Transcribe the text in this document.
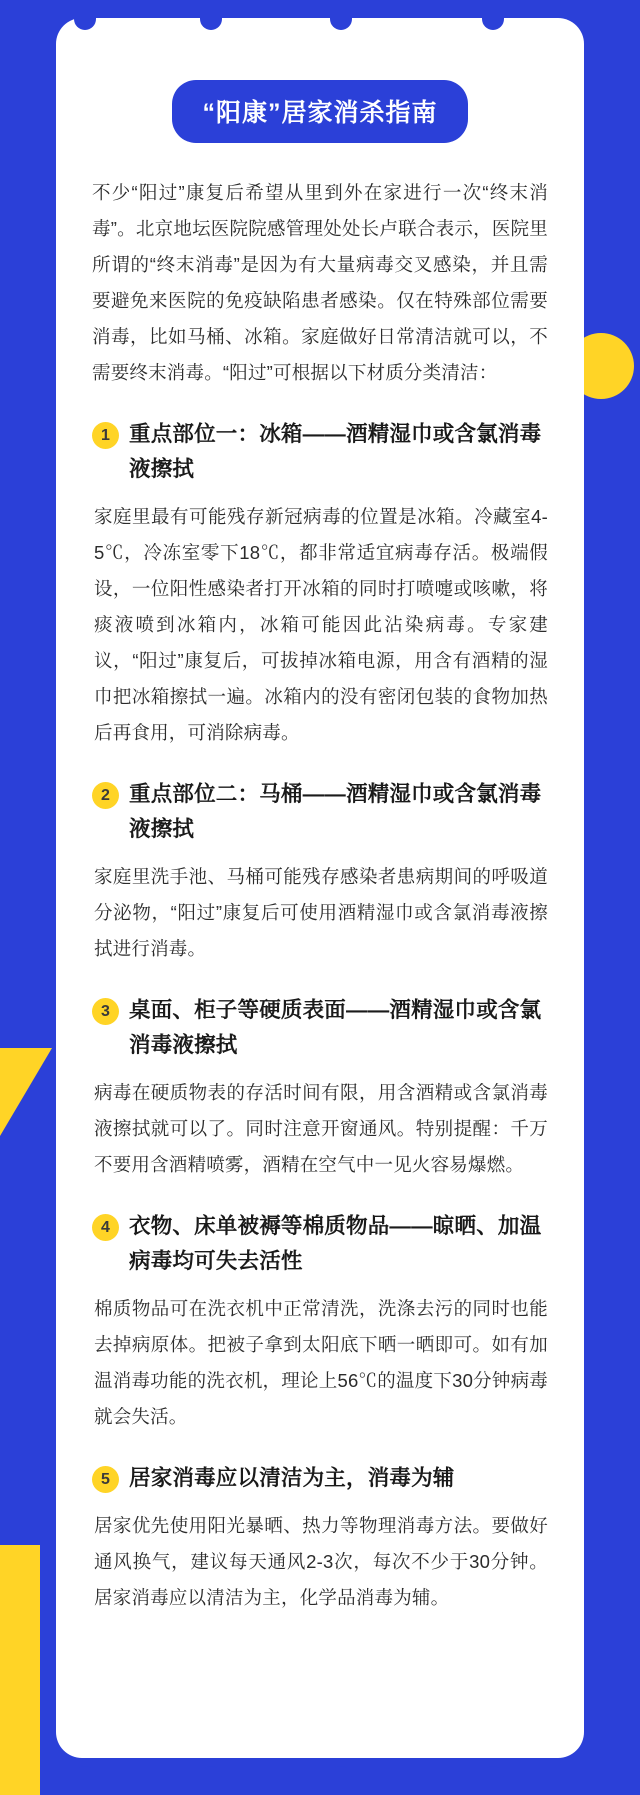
“阳康”居家消杀指南

不少“阳过”康复后希望从里到外在家进行一次“终末消毒”。北京地坛医院院感管理处处长卢联合表示，医院里所谓的“终末消毒”是因为有大量病毒交叉感染，并且需要避免来医院的免疫缺陷患者感染。仅在特殊部位需要消毒，比如马桶、冰箱。家庭做好日常清洁就可以，不需要终末消毒。“阳过”可根据以下材质分类清洁：

1 重点部位一：冰箱——酒精湿巾或含氯消毒液擦拭

家庭里最有可能残存新冠病毒的位置是冰箱。冷藏室4-5℃，冷冻室零下18℃，都非常适宜病毒存活。极端假设，一位阳性感染者打开冰箱的同时打喷嚏或咳嗽，将痰液喷到冰箱内，冰箱可能因此沾染病毒。专家建议，“阳过”康复后，可拔掉冰箱电源，用含有酒精的湿巾把冰箱擦拭一遍。冰箱内的没有密闭包装的食物加热后再食用，可消除病毒。

2 重点部位二：马桶——酒精湿巾或含氯消毒液擦拭

家庭里洗手池、马桶可能残存感染者患病期间的呼吸道分泌物，“阳过”康复后可使用酒精湿巾或含氯消毒液擦拭进行消毒。

3 桌面、柜子等硬质表面——酒精湿巾或含氯消毒液擦拭

病毒在硬质物表的存活时间有限，用含酒精或含氯消毒液擦拭就可以了。同时注意开窗通风。特别提醒：千万不要用含酒精喷雾，酒精在空气中一见火容易爆燃。

4 衣物、床单被褥等棉质物品——晾晒、加温病毒均可失去活性

棉质物品可在洗衣机中正常清洗，洗涤去污的同时也能去掉病原体。把被子拿到太阳底下晒一晒即可。如有加温消毒功能的洗衣机，理论上56℃的温度下30分钟病毒就会失活。

5 居家消毒应以清洁为主，消毒为辅

居家优先使用阳光暴晒、热力等物理消毒方法。要做好通风换气，建议每天通风2-3次，每次不少于30分钟。居家消毒应以清洁为主，化学品消毒为辅。
